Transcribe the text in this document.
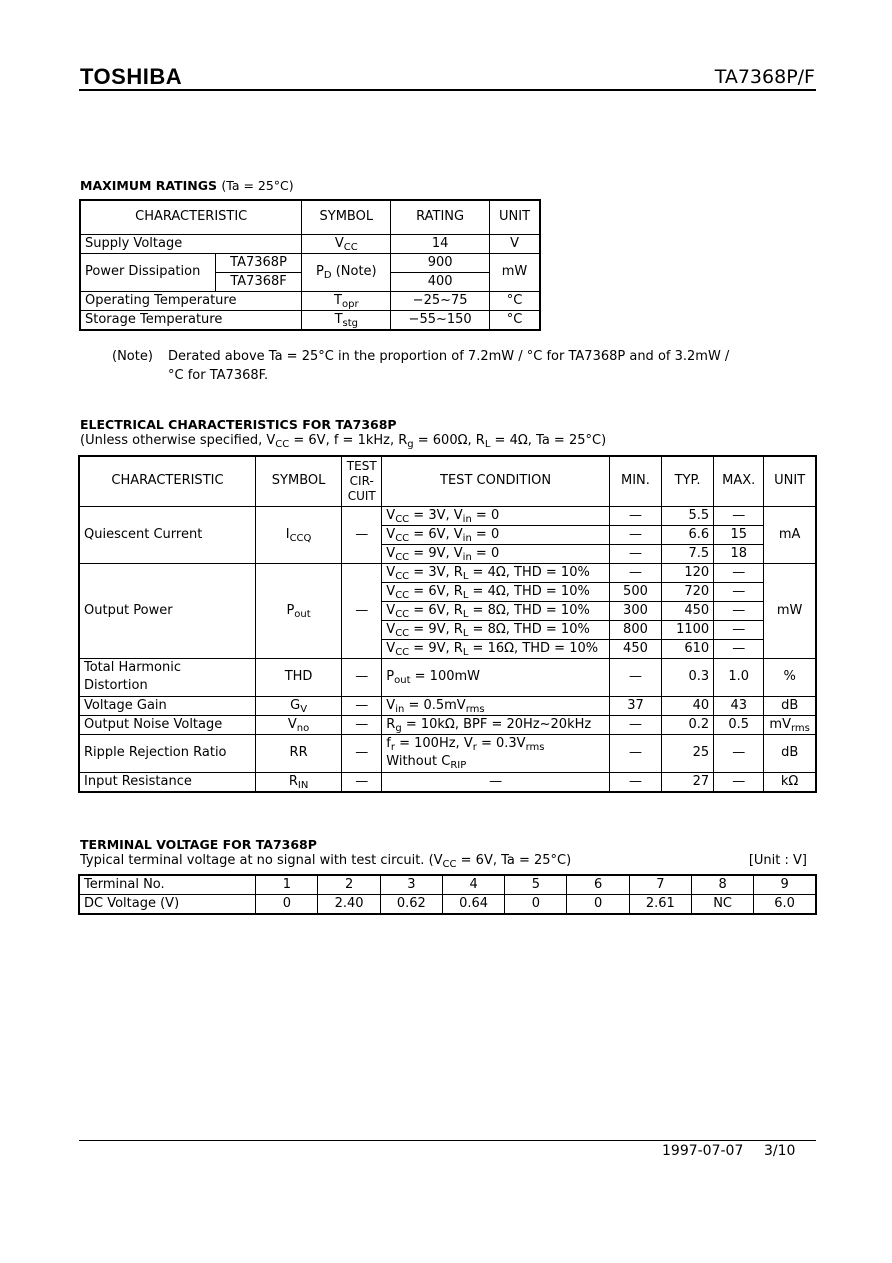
TOSHIBA	TA7368P/F
MAXIMUM RATINGS (Ta = 25°C)
CHARACTERISTIC		SYMBOL	RATING	UNIT
Supply Voltage		$V_{CC}$	14	V
Power Dissipation	TA7368P	$P_D$ (Note)	900	mW
	TA7368F		400	
Operating Temperature		$T_{opr}$	−25~75	°C
Storage Temperature		$T_{stg}$	−55~150	°C
(Note) Derated above Ta = 25°C in the proportion of 7.2mW / °C for TA7368P and of 3.2mW /
°C for TA7368F.
ELECTRICAL CHARACTERISTICS FOR TA7368P
(Unless otherwise specified, $V_{CC} = 6V$, f = 1kHz, $R_g = 600\Omega$, $R_L = 4\Omega$, Ta = 25°C)
CHARACTERISTIC	SYMBOL	TEST
CIR-
CUIT	TEST CONDITION	MIN.	TYP.	MAX.	UNIT
Quiescent Current	$I_{CCQ}$	—	$V_{CC} = 3V$, $V_{in} = 0$	—	5.5	—	mA
			$V_{CC} = 6V$, $V_{in} = 0$	—	6.6	15	
			$V_{CC} = 9V$, $V_{in} = 0$	—	7.5	18	
Output Power	$P_{out}$	—	$V_{CC} = 3V$, $R_L = 4\Omega$, THD = 10%	—	120	—	mW
			$V_{CC} = 6V$, $R_L = 4\Omega$, THD = 10%	500	720	—	
			$V_{CC} = 6V$, $R_L = 8\Omega$, THD = 10%	300	450	—	
			$V_{CC} = 9V$, $R_L = 8\Omega$, THD = 10%	800	1100	—	
			$V_{CC} = 9V$, $R_L = 16\Omega$, THD = 10%	450	610	—	
Total Harmonic
Distortion	THD	—	$P_{out} = 100mW$	—	0.3	1.0	%
Voltage Gain	$G_V$	—	$V_{in} = 0.5mV_{rms}$	37	40	43	dB
Output Noise Voltage	$V_{no}$	—	$R_g = 10k\Omega$, BPF = 20Hz~20kHz	—	0.2	0.5	$mV_{rms}$
Ripple Rejection Ratio	RR	—	$f_r = 100Hz$, $V_r = 0.3V_{rms}$
Without $C_{RIP}$	—	25	—	dB
Input Resistance	$R_{IN}$	—	—	—	27	—	kΩ
TERMINAL VOLTAGE FOR TA7368P
Typical terminal voltage at no signal with test circuit. ($V_{CC} = 6V$, Ta = 25°C)	[Unit : V]
Terminal No.	1	2	3	4	5	6	7	8	9
DC Voltage (V)	0	2.40	0.62	0.64	0	0	2.61	NC	6.0
1997-07-07 3/10
